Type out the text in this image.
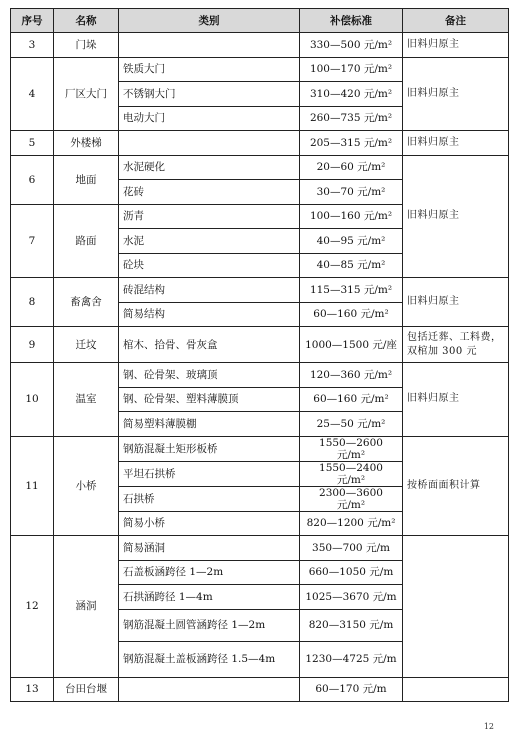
序号	名称	类别	补偿标准	备注
3	门垛		330—500 元/m²	旧料归原主
4	厂区大门	铁质大门	100—170 元/m²	旧料归原主
		不锈钢大门	310—420 元/m²	
		电动大门	260—735 元/m²	
5	外楼梯		205—315 元/m²	旧料归原主
6	地面	水泥硬化	20—60 元/m²	旧料归原主
		花砖	30—70 元/m²	
7	路面	沥青	100—160 元/m²	
		水泥	40—95 元/m²	
		砼块	40—85 元/m²	
8	畜禽舍	砖混结构	115—315 元/m²	旧料归原主
		简易结构	60—160 元/m²	
9	迁坟	棺木、拾骨、骨灰盒	1000—1500 元/座	包括迁葬、工料费，双棺加 300 元
10	温室	钢、砼骨架、玻璃顶	120—360 元/m²	旧料归原主
		钢、砼骨架、塑料薄膜顶	60—160 元/m²	
		简易塑料薄膜棚	25—50 元/m²	
11	小桥	钢筋混凝土矩形板桥	1550—2600 元/m²	按桥面面积计算
		平坦石拱桥	1550—2400 元/m²	
		石拱桥	2300—3600 元/m²	
		简易小桥	820—1200 元/m²	
12	涵洞	简易涵洞	350—700 元/m	
		石盖板涵跨径 1—2m	660—1050 元/m	
		石拱涵跨径 1—4m	1025—3670 元/m	
		钢筋混凝土圆管涵跨径 1—2m	820—3150 元/m	
		钢筋混凝土盖板涵跨径 1.5—4m	1230—4725 元/m	
13	台田台堰		60—170 元/m	
12
